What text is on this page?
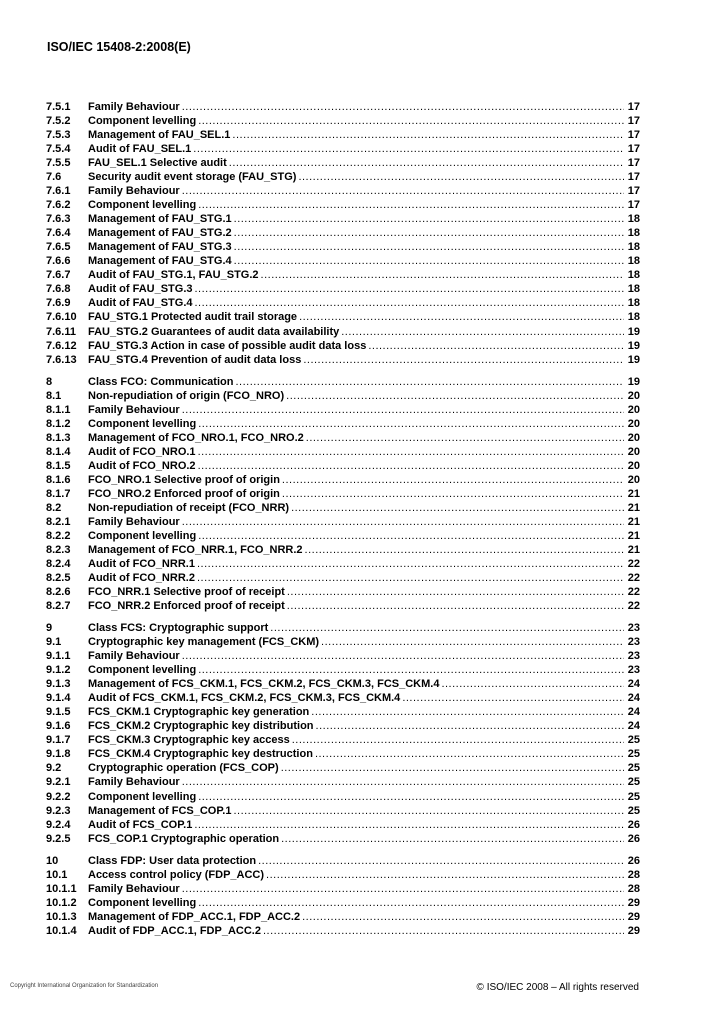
ISO/IEC 15408-2:2008(E)
7.5.1	Family Behaviour .....	17
7.5.2	Component levelling .....	17
7.5.3	Management of FAU_SEL.1 .....	17
7.5.4	Audit of FAU_SEL.1 .....	17
7.5.5	FAU_SEL.1 Selective audit .....	17
7.6	Security audit event storage (FAU_STG) .....	17
7.6.1	Family Behaviour .....	17
7.6.2	Component levelling .....	17
7.6.3	Management of FAU_STG.1 .....	18
7.6.4	Management of FAU_STG.2 .....	18
7.6.5	Management of FAU_STG.3 .....	18
7.6.6	Management of FAU_STG.4 .....	18
7.6.7	Audit of FAU_STG.1, FAU_STG.2 .....	18
7.6.8	Audit of FAU_STG.3 .....	18
7.6.9	Audit of FAU_STG.4 .....	18
7.6.10	FAU_STG.1 Protected audit trail storage .....	18
7.6.11	FAU_STG.2 Guarantees of audit data availability .....	19
7.6.12	FAU_STG.3 Action in case of possible audit data loss .....	19
7.6.13	FAU_STG.4 Prevention of audit data loss .....	19
8	Class FCO: Communication .....	19
8.1	Non-repudiation of origin (FCO_NRO) .....	20
8.1.1	Family Behaviour .....	20
8.1.2	Component levelling .....	20
8.1.3	Management of FCO_NRO.1, FCO_NRO.2 .....	20
8.1.4	Audit of FCO_NRO.1 .....	20
8.1.5	Audit of FCO_NRO.2 .....	20
8.1.6	FCO_NRO.1 Selective proof of origin .....	20
8.1.7	FCO_NRO.2 Enforced proof of origin .....	21
8.2	Non-repudiation of receipt (FCO_NRR) .....	21
8.2.1	Family Behaviour .....	21
8.2.2	Component levelling .....	21
8.2.3	Management of FCO_NRR.1, FCO_NRR.2 .....	21
8.2.4	Audit of FCO_NRR.1 .....	22
8.2.5	Audit of FCO_NRR.2 .....	22
8.2.6	FCO_NRR.1 Selective proof of receipt .....	22
8.2.7	FCO_NRR.2 Enforced proof of receipt .....	22
9	Class FCS: Cryptographic support .....	23
9.1	Cryptographic key management (FCS_CKM) .....	23
9.1.1	Family Behaviour .....	23
9.1.2	Component levelling .....	23
9.1.3	Management of FCS_CKM.1, FCS_CKM.2, FCS_CKM.3, FCS_CKM.4 .....	24
9.1.4	Audit of FCS_CKM.1, FCS_CKM.2, FCS_CKM.3, FCS_CKM.4 .....	24
9.1.5	FCS_CKM.1 Cryptographic key generation .....	24
9.1.6	FCS_CKM.2 Cryptographic key distribution .....	24
9.1.7	FCS_CKM.3 Cryptographic key access .....	25
9.1.8	FCS_CKM.4 Cryptographic key destruction .....	25
9.2	Cryptographic operation (FCS_COP) .....	25
9.2.1	Family Behaviour .....	25
9.2.2	Component levelling .....	25
9.2.3	Management of FCS_COP.1 .....	25
9.2.4	Audit of FCS_COP.1 .....	26
9.2.5	FCS_COP.1 Cryptographic operation .....	26
10	Class FDP: User data protection .....	26
10.1	Access control policy (FDP_ACC) .....	28
10.1.1	Family Behaviour .....	28
10.1.2	Component levelling .....	29
10.1.3	Management of FDP_ACC.1, FDP_ACC.2 .....	29
10.1.4	Audit of FDP_ACC.1, FDP_ACC.2 .....	29
Copyright International Organization for Standardization	© ISO/IEC 2008 – All rights reserved
